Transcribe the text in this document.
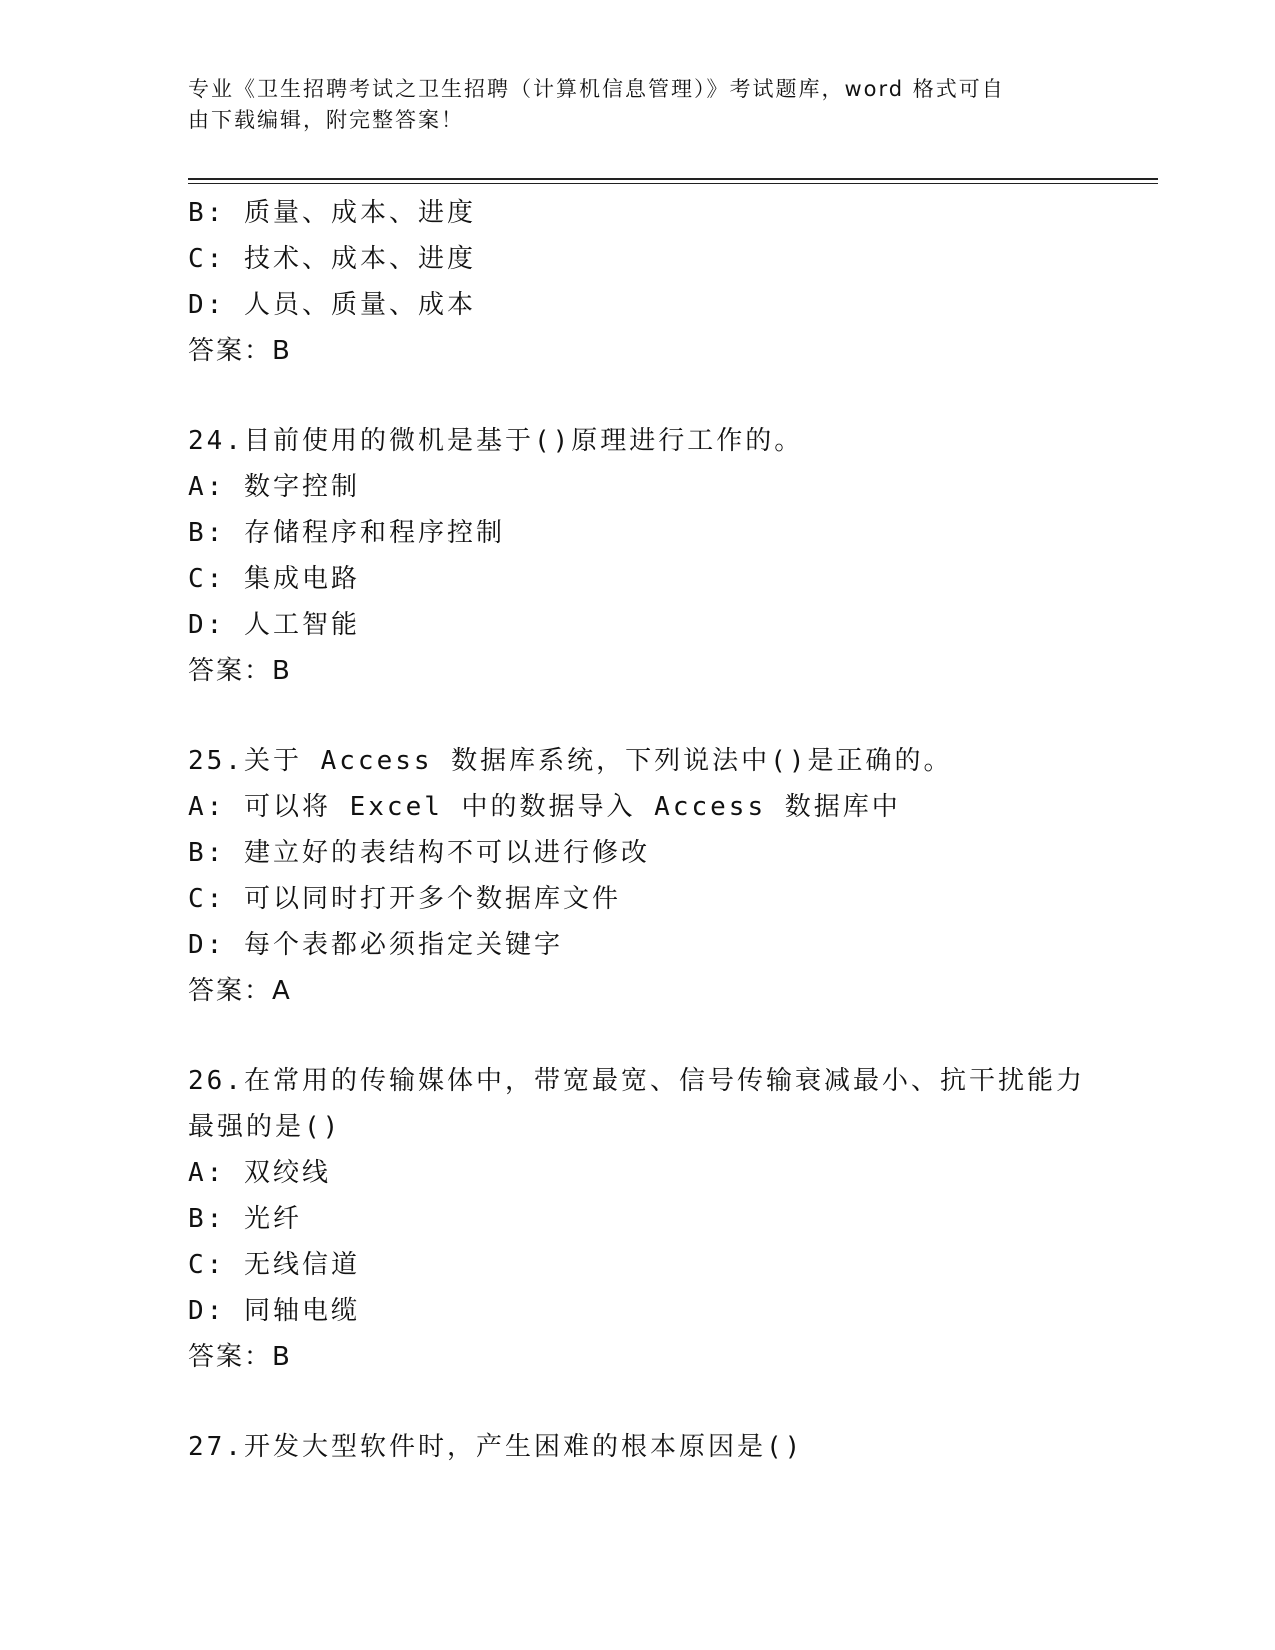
专业《卫生招聘考试之卫生招聘（计算机信息管理）》考试题库，word 格式可自
由下载编辑，附完整答案！
B: 质量、成本、进度
C: 技术、成本、进度
D: 人员、质量、成本
答案：B
24.目前使用的微机是基于()原理进行工作的。
A: 数字控制
B: 存储程序和程序控制
C: 集成电路
D: 人工智能
答案：B
25.关于 Access 数据库系统，下列说法中()是正确的。
A: 可以将 Excel 中的数据导入 Access 数据库中
B: 建立好的表结构不可以进行修改
C: 可以同时打开多个数据库文件
D: 每个表都必须指定关键字
答案：A
26.在常用的传输媒体中，带宽最宽、信号传输衰减最小、抗干扰能力
最强的是()
A: 双绞线
B: 光纤
C: 无线信道
D: 同轴电缆
答案：B
27.开发大型软件时，产生困难的根本原因是()
